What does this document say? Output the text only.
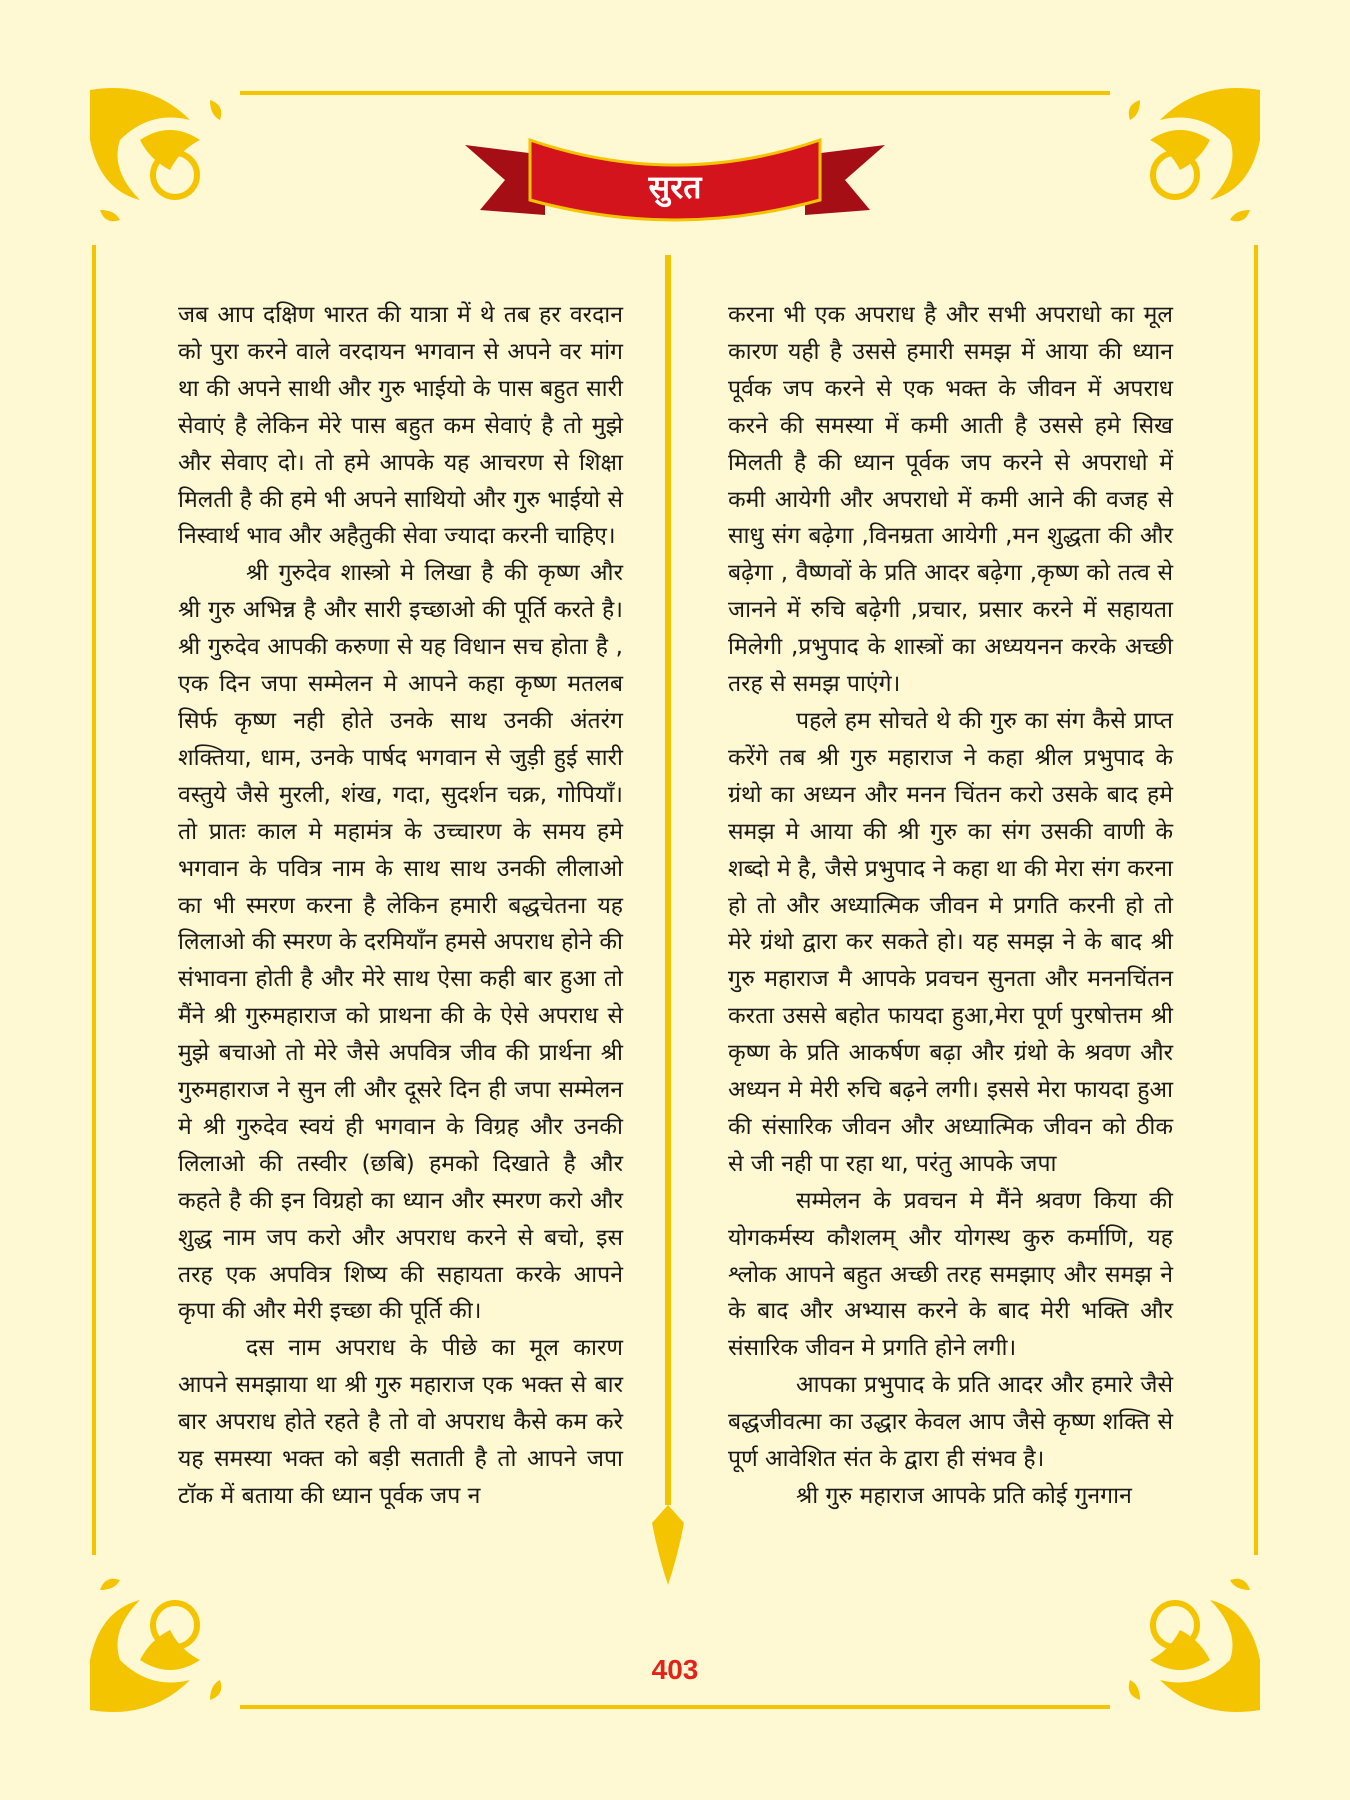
सुरत

जब आप दक्षिण भारत की यात्रा में थे तब हर वरदान को पुरा करने वाले वरदायन भगवान से अपने वर मांग था की अपने साथी और गुरु भाईयो के पास बहुत सारी सेवाएं है लेकिन मेरे पास बहुत कम सेवाएं है तो मुझे और सेवाए दो। तो हमे आपके यह आचरण से शिक्षा मिलती है की हमे भी अपने साथियो और गुरु भाईयो से निस्वार्थ भाव और अहैतुकी सेवा ज्यादा करनी चाहिए।

श्री गुरुदेव शास्त्रो मे लिखा है की कृष्ण और श्री गुरु अभिन्न है और सारी इच्छाओ की पूर्ति करते है। श्री गुरुदेव आपकी करुणा से यह विधान सच होता है , एक दिन जपा सम्मेलन मे आपने कहा कृष्ण मतलब सिर्फ कृष्ण नही होते उनके साथ उनकी अंतरंग शक्तिया, धाम, उनके पार्षद भगवान से जुड़ी हुई सारी वस्तुये जैसे मुरली, शंख, गदा, सुदर्शन चक्र, गोपियाँ। तो प्रातः काल मे महामंत्र के उच्चारण के समय हमे भगवान के पवित्र नाम के साथ साथ उनकी लीलाओ का भी स्मरण करना है लेकिन हमारी बद्धचेतना यह लिलाओ की स्मरण के दरमियाँन हमसे अपराध होने की संभावना होती है और मेरे साथ ऐसा कही बार हुआ तो मैंने श्री गुरुमहाराज को प्राथना की के ऐसे अपराध से मुझे बचाओ तो मेरे जैसे अपवित्र जीव की प्रार्थना श्री गुरुमहाराज ने सुन ली और दूसरे दिन ही जपा सम्मेलन मे श्री गुरुदेव स्वयं ही भगवान के विग्रह और उनकी लिलाओ की तस्वीर (छबि) हमको दिखाते है और कहते है की इन विग्रहो का ध्यान और स्मरण करो और शुद्ध नाम जप करो और अपराध करने से बचो, इस तरह एक अपवित्र शिष्य की सहायता करके आपने कृपा की और मेरी इच्छा की पूर्ति की।

दस नाम अपराध के पीछे का मूल कारण आपने समझाया था श्री गुरु महाराज एक भक्त से बार बार अपराध होते रहते है तो वो अपराध कैसे कम करे यह समस्या भक्त को बड़ी सताती है तो आपने जपा टॉक में बताया की ध्यान पूर्वक जप न

करना भी एक अपराध है और सभी अपराधो का मूल कारण यही है उससे हमारी समझ में आया की ध्यान पूर्वक जप करने से एक भक्त के जीवन में अपराध करने की समस्या में कमी आती है उससे हमे सिख मिलती है की ध्यान पूर्वक जप करने से अपराधो में कमी आयेगी और अपराधो में कमी आने की वजह से साधु संग बढ़ेगा ,विनम्रता आयेगी ,मन शुद्धता की और बढ़ेगा , वैष्णवों के प्रति आदर बढ़ेगा ,कृष्ण को तत्व से जानने में रुचि बढ़ेगी ,प्रचार, प्रसार करने में सहायता मिलेगी ,प्रभुपाद के शास्त्रों का अध्ययनन करके अच्छी तरह से समझ पाएंगे।

पहले हम सोचते थे की गुरु का संग कैसे प्राप्त करेंगे तब श्री गुरु महाराज ने कहा श्रील प्रभुपाद के ग्रंथो का अध्यन और मनन चिंतन करो उसके बाद हमे समझ मे आया की श्री गुरु का संग उसकी वाणी के शब्दो मे है, जैसे प्रभुपाद ने कहा था की मेरा संग करना हो तो और अध्यात्मिक जीवन मे प्रगति करनी हो तो मेरे ग्रंथो द्वारा कर सकते हो। यह समझ ने के बाद श्री गुरु महाराज मै आपके प्रवचन सुनता और मननचिंतन करता उससे बहोत फायदा हुआ,मेरा पूर्ण पुरषोत्तम श्री कृष्ण के प्रति आकर्षण बढ़ा और ग्रंथो के श्रवण और अध्यन मे मेरी रुचि बढ़ने लगी। इससे मेरा फायदा हुआ की संसारिक जीवन और अध्यात्मिक जीवन को ठीक से जी नही पा रहा था, परंतु आपके जपा

सम्मेलन के प्रवचन मे मैंने श्रवण किया की योगकर्मस्य कौशलम् और योगस्थ कुरु कर्माणि, यह श्लोक आपने बहुत अच्छी तरह समझाए और समझ ने के बाद और अभ्यास करने के बाद मेरी भक्ति और संसारिक जीवन मे प्रगति होने लगी।

आपका प्रभुपाद के प्रति आदर और हमारे जैसे बद्धजीवत्मा का उद्धार केवल आप जैसे कृष्ण शक्ति से पूर्ण आवेशित संत के द्वारा ही संभव है।

श्री गुरु महाराज आपके प्रति कोई गुनगान

403
